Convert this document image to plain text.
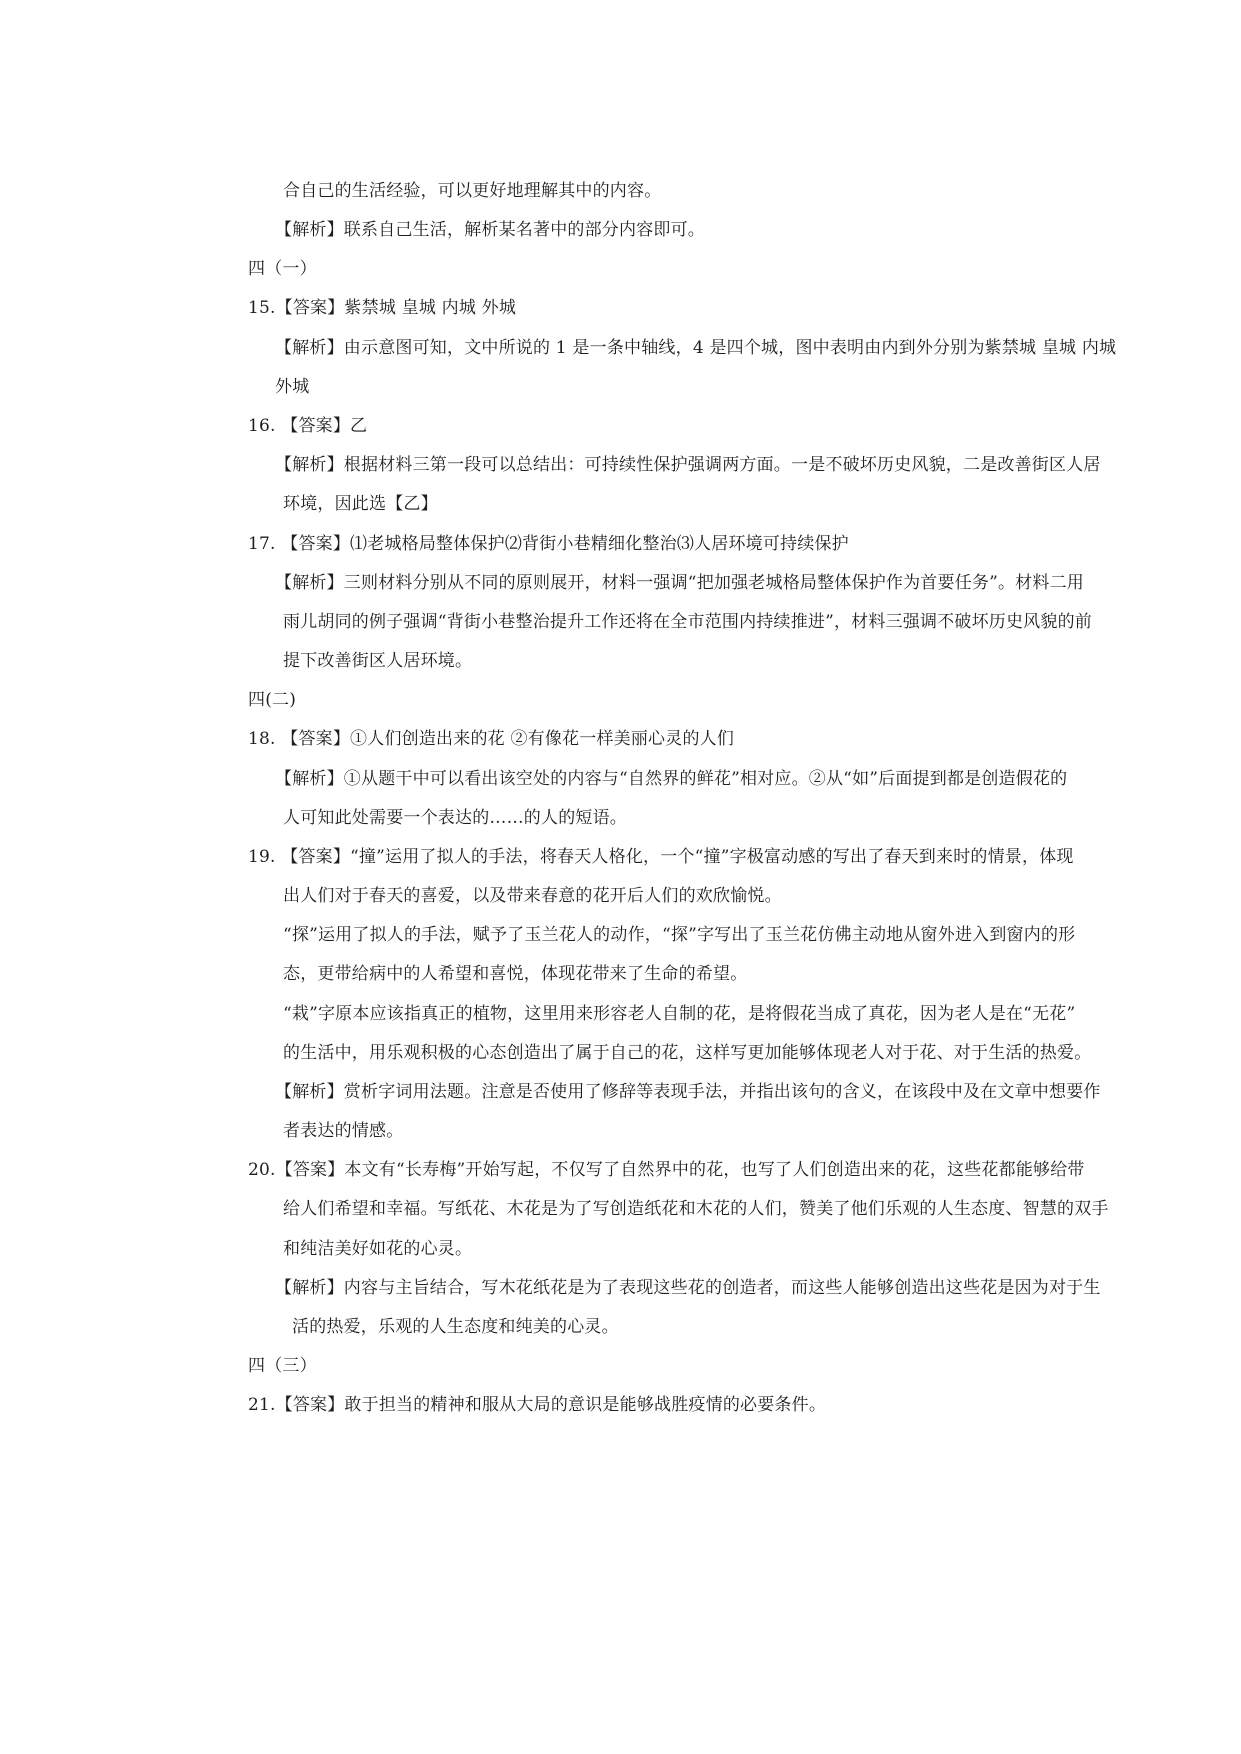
合自己的生活经验，可以更好地理解其中的内容。
【解析】联系自己生活，解析某名著中的部分内容即可。
四（一）
15.【答案】紫禁城 皇城 内城 外城
【解析】由示意图可知，文中所说的 1 是一条中轴线，4 是四个城，图中表明由内到外分别为紫禁城 皇城 内城
外城
16. 【答案】乙
【解析】根据材料三第一段可以总结出：可持续性保护强调两方面。一是不破坏历史风貌，二是改善街区人居
环境，因此选【乙】
17. 【答案】⑴老城格局整体保护⑵背街小巷精细化整治⑶人居环境可持续保护
【解析】三则材料分别从不同的原则展开，材料一强调“把加强老城格局整体保护作为首要任务”。材料二用
雨儿胡同的例子强调“背街小巷整治提升工作还将在全市范围内持续推进”，材料三强调不破坏历史风貌的前
提下改善街区人居环境。
四(二)
18. 【答案】①人们创造出来的花 ②有像花一样美丽心灵的人们
【解析】①从题干中可以看出该空处的内容与“自然界的鲜花”相对应。②从“如”后面提到都是创造假花的
人可知此处需要一个表达的……的人的短语。
19. 【答案】“撞”运用了拟人的手法，将春天人格化，一个“撞”字极富动感的写出了春天到来时的情景，体现
出人们对于春天的喜爱，以及带来春意的花开后人们的欢欣愉悦。
“探”运用了拟人的手法，赋予了玉兰花人的动作，“探”字写出了玉兰花仿佛主动地从窗外进入到窗内的形
态，更带给病中的人希望和喜悦，体现花带来了生命的希望。
“栽”字原本应该指真正的植物，这里用来形容老人自制的花，是将假花当成了真花，因为老人是在“无花”
的生活中，用乐观积极的心态创造出了属于自己的花，这样写更加能够体现老人对于花、对于生活的热爱。
【解析】赏析字词用法题。注意是否使用了修辞等表现手法，并指出该句的含义，在该段中及在文章中想要作
者表达的情感。
20.【答案】本文有“长寿梅”开始写起，不仅写了自然界中的花，也写了人们创造出来的花，这些花都能够给带
给人们希望和幸福。写纸花、木花是为了写创造纸花和木花的人们，赞美了他们乐观的人生态度、智慧的双手
和纯洁美好如花的心灵。
【解析】内容与主旨结合，写木花纸花是为了表现这些花的创造者，而这些人能够创造出这些花是因为对于生
活的热爱，乐观的人生态度和纯美的心灵。
四（三）
21.【答案】敢于担当的精神和服从大局的意识是能够战胜疫情的必要条件。
